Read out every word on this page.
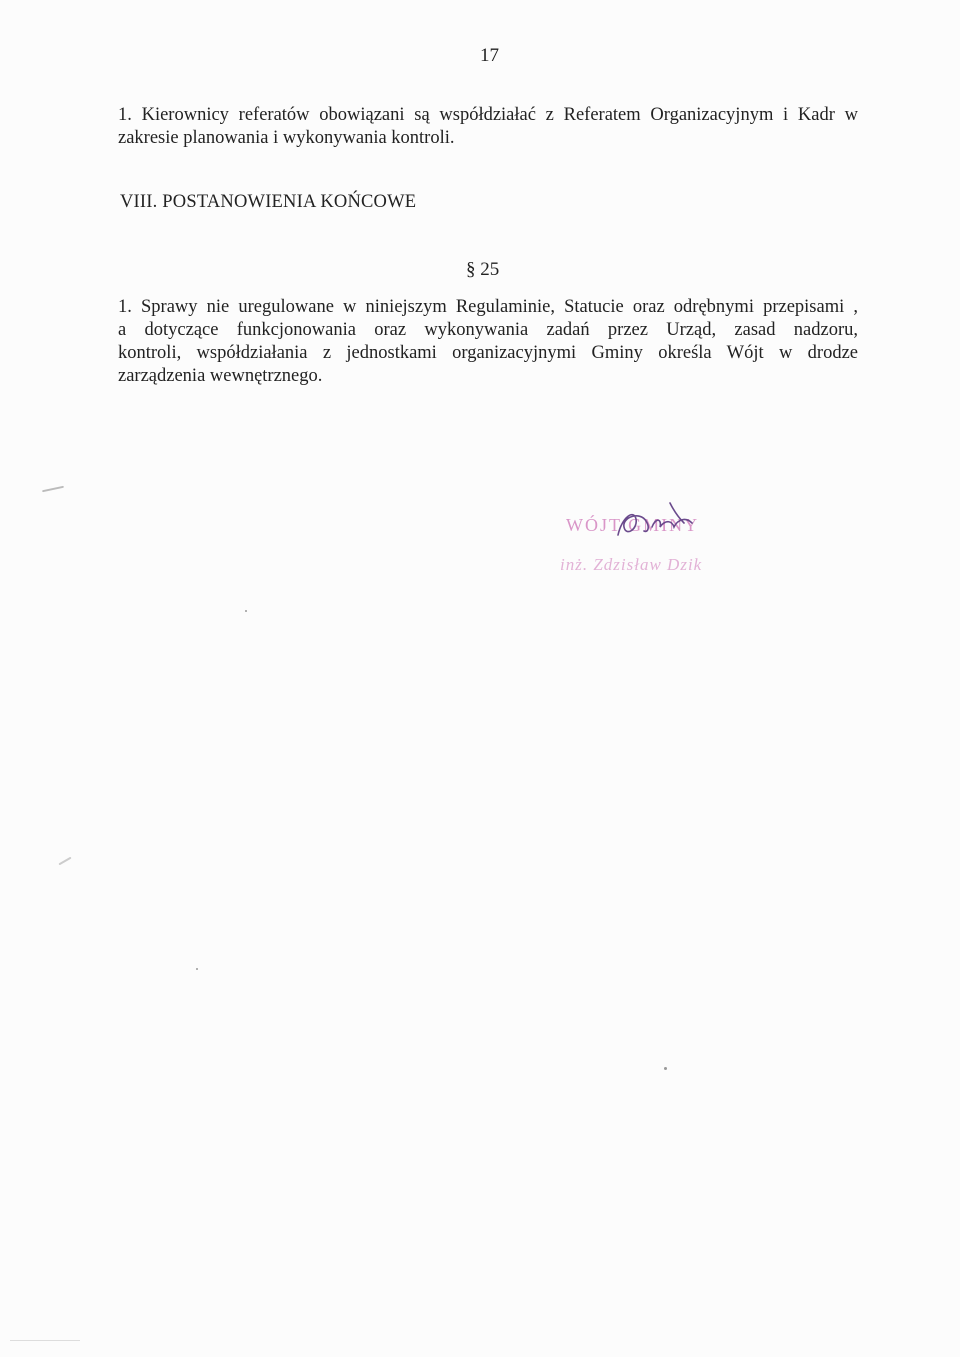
17
1. Kierownicy referatów obowiązani są współdziałać z Referatem Organizacyjnym i Kadr w zakresie planowania i wykonywania kontroli.
VIII. POSTANOWIENIA KOŃCOWE
§ 25
1. Sprawy nie uregulowane w niniejszym Regulaminie, Statucie oraz odrębnymi przepisami ,
a dotyczące funkcjonowania oraz wykonywania zadań przez Urząd, zasad nadzoru,
kontroli, współdziałania z jednostkami organizacyjnymi Gminy określa Wójt w drodze
zarządzenia wewnętrznego.
WÓJT GMINY
inż. Zdzisław Dzik
